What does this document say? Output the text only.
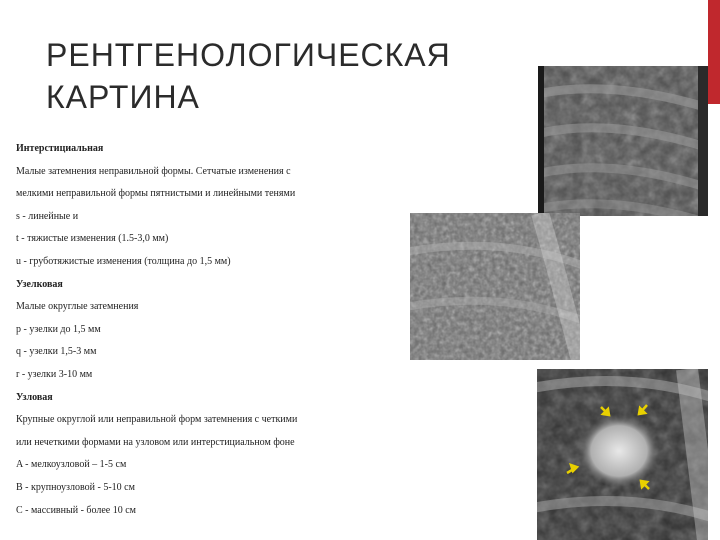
РЕНТГЕНОЛОГИЧЕСКАЯ
КАРТИНА
Интерстициальная
Малые затемнения неправильной формы. Сетчатые изменения с
мелкими неправильной формы пятнистыми и линейными тенями
s - линейные и
t - тяжистые изменения (1.5-3,0 мм)
u - груботяжистые изменения (толщина до 1,5 мм)
Узелковая
Малые округлые затемнения
p - узелки до 1,5 мм
q - узелки 1,5-3 мм
r - узелки 3-10 мм
Узловая
Крупные округлой или неправильной форм затемнения с четкими
или нечеткими формами на узловом или интерстициальном фоне
A - мелкоузловой – 1-5 см
B - крупноузловой - 5-10 см
C - массивный - более 10 см
